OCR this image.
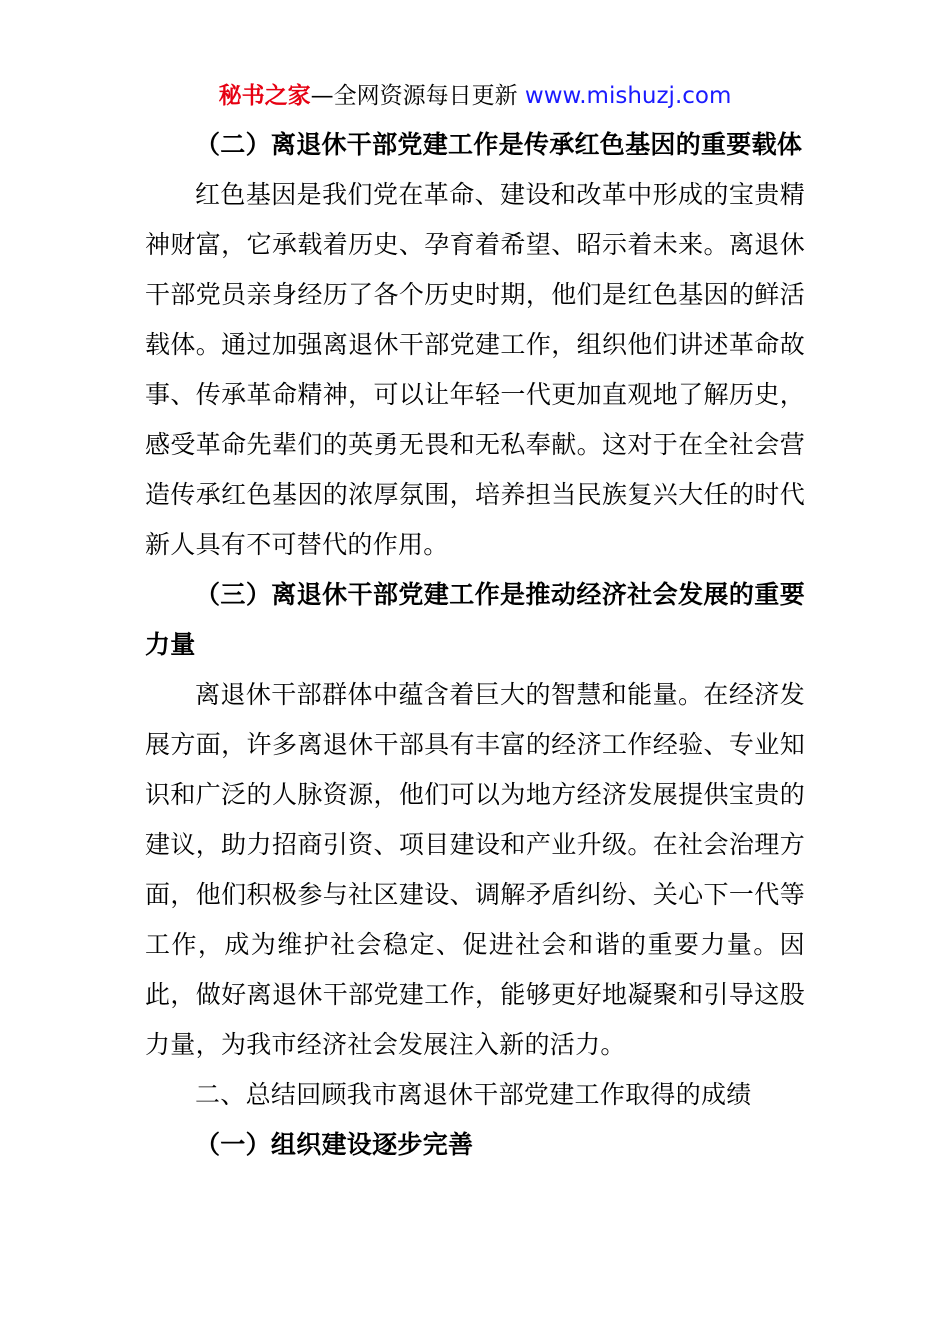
秘书之家—全网资源每日更新 www.mishuzj.com

（二）离退休干部党建工作是传承红色基因的重要载体

红色基因是我们党在革命、建设和改革中形成的宝贵精神财富，它承载着历史、孕育着希望、昭示着未来。离退休干部党员亲身经历了各个历史时期，他们是红色基因的鲜活载体。通过加强离退休干部党建工作，组织他们讲述革命故事、传承革命精神，可以让年轻一代更加直观地了解历史，感受革命先辈们的英勇无畏和无私奉献。这对于在全社会营造传承红色基因的浓厚氛围，培养担当民族复兴大任的时代新人具有不可替代的作用。

（三）离退休干部党建工作是推动经济社会发展的重要力量

离退休干部群体中蕴含着巨大的智慧和能量。在经济发展方面，许多离退休干部具有丰富的经济工作经验、专业知识和广泛的人脉资源，他们可以为地方经济发展提供宝贵的建议，助力招商引资、项目建设和产业升级。在社会治理方面，他们积极参与社区建设、调解矛盾纠纷、关心下一代等工作，成为维护社会稳定、促进社会和谐的重要力量。因此，做好离退休干部党建工作，能够更好地凝聚和引导这股力量，为我市经济社会发展注入新的活力。

二、总结回顾我市离退休干部党建工作取得的成绩

（一）组织建设逐步完善
